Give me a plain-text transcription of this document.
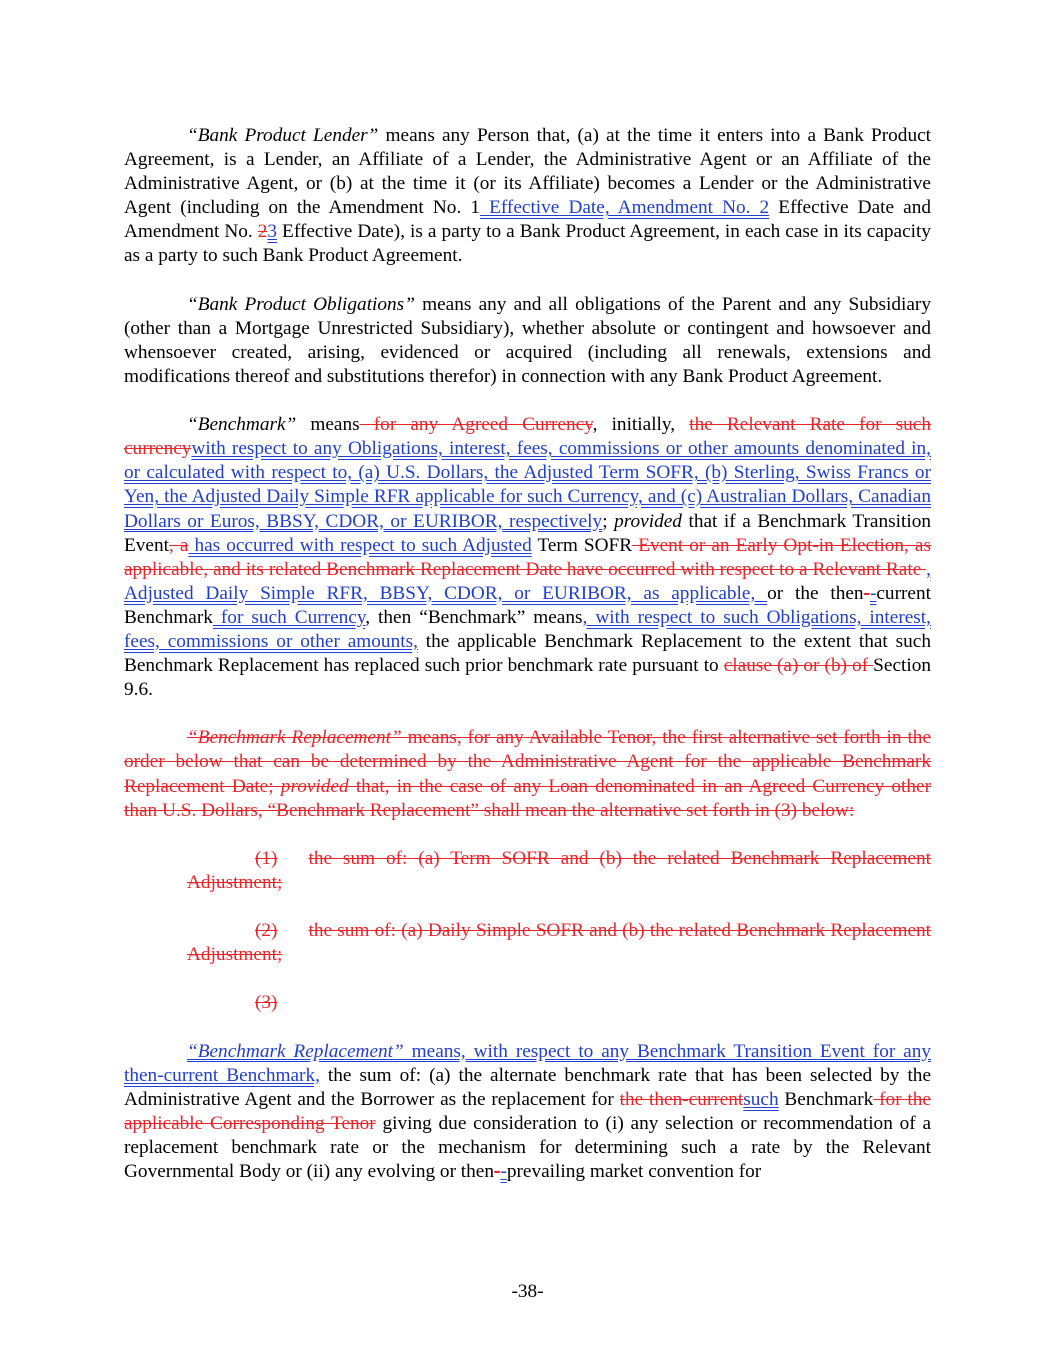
“Bank Product Lender” means any Person that, (a) at the time it enters into a Bank Product Agreement, is a Lender, an Affiliate of a Lender, the Administrative Agent or an Affiliate of the Administrative Agent, or (b) at the time it (or its Affiliate) becomes a Lender or the Administrative Agent (including on the Amendment No. 1 Effective Date, Amendment No. 2 Effective Date and Amendment No. 23 Effective Date), is a party to a Bank Product Agreement, in each case in its capacity as a party to such Bank Product Agreement.

“Bank Product Obligations” means any and all obligations of the Parent and any Subsidiary (other than a Mortgage Unrestricted Subsidiary), whether absolute or contingent and howsoever and whensoever created, arising, evidenced or acquired (including all renewals, extensions and modifications thereof and substitutions therefor) in connection with any Bank Product Agreement.

“Benchmark” means for any Agreed Currency, initially, the Relevant Rate for such currencywith respect to any Obligations, interest, fees, commissions or other amounts denominated in, or calculated with respect to, (a) U.S. Dollars, the Adjusted Term SOFR, (b) Sterling, Swiss Francs or Yen, the Adjusted Daily Simple RFR applicable for such Currency, and (c) Australian Dollars, Canadian Dollars or Euros, BBSY, CDOR, or EURIBOR, respectively; provided that if a Benchmark Transition Event, a has occurred with respect to such Adjusted Term SOFR Event or an Early Opt-in Election, as applicable, and its related Benchmark Replacement Date have occurred with respect to a Relevant Rate , Adjusted Daily Simple RFR, BBSY, CDOR, or EURIBOR, as applicable, or the then--current Benchmark for such Currency, then “Benchmark” means, with respect to such Obligations, interest, fees, commissions or other amounts, the applicable Benchmark Replacement to the extent that such Benchmark Replacement has replaced such prior benchmark rate pursuant to clause (a) or (b) of Section 9.6.

“Benchmark Replacement” means, for any Available Tenor, the first alternative set forth in the order below that can be determined by the Administrative Agent for the applicable Benchmark Replacement Date; provided that, in the case of any Loan denominated in an Agreed Currency other than U.S. Dollars, “Benchmark Replacement” shall mean the alternative set forth in (3) below:

(1) the sum of: (a) Term SOFR and (b) the related Benchmark Replacement Adjustment;

(2) the sum of: (a) Daily Simple SOFR and (b) the related Benchmark Replacement Adjustment;

(3)

“Benchmark Replacement” means, with respect to any Benchmark Transition Event for any then-current Benchmark, the sum of: (a) the alternate benchmark rate that has been selected by the Administrative Agent and the Borrower as the replacement for the then-currentsuch Benchmark for the applicable Corresponding Tenor giving due consideration to (i) any selection or recommendation of a replacement benchmark rate or the mechanism for determining such a rate by the Relevant Governmental Body or (ii) any evolving or then--prevailing market convention for

-38-
